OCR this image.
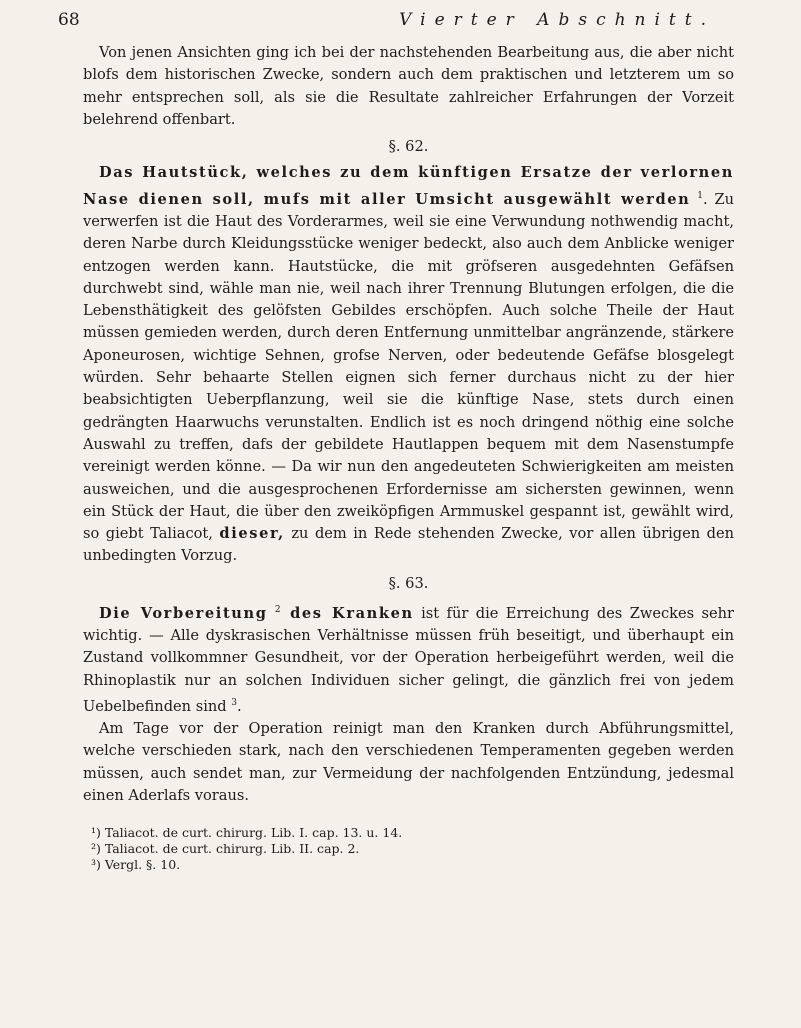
68	Vierter Abschnitt.

Von jenen Ansichten ging ich bei der nachstehenden Bearbeitung aus, die aber nicht blofs dem historischen Zwecke, sondern auch dem praktischen und letzterem um so mehr entsprechen soll, als sie die Resultate zahlreicher Erfahrungen der Vorzeit belehrend offenbart.

§. 62.

Das Hautstück, welches zu dem künftigen Ersatze der verlornen Nase dienen soll, mufs mit aller Umsicht ausgewählt werden $^1$. Zu verwerfen ist die Haut des Vorderarmes, weil sie eine Verwundung nothwendig macht, deren Narbe durch Kleidungsstücke weniger bedeckt, also auch dem Anblicke weniger entzogen werden kann. Hautstücke, die mit gröfseren ausgedehnten Gefäfsen durchwebt sind, wähle man nie, weil nach ihrer Trennung Blutungen erfolgen, die die Lebensthätigkeit des gelöfsten Gebildes erschöpfen. Auch solche Theile der Haut müssen gemieden werden, durch deren Entfernung unmittelbar angränzende, stärkere Aponeurosen, wichtige Sehnen, grofse Nerven, oder bedeutende Gefäfse blosgelegt würden. Sehr behaarte Stellen eignen sich ferner durchaus nicht zu der hier beabsichtigten Ueberpflanzung, weil sie die künftige Nase, stets durch einen gedrängten Haarwuchs verunstalten. Endlich ist es noch dringend nöthig eine solche Auswahl zu treffen, dafs der gebildete Hautlappen bequem mit dem Nasenstumpfe vereinigt werden könne. — Da wir nun den angedeuteten Schwierigkeiten am meisten ausweichen, und die ausgesprochenen Erfordernisse am sichersten gewinnen, wenn ein Stück der Haut, die über den zweiköpfigen Armmuskel gespannt ist, gewählt wird, so giebt Taliacot, dieser, zu dem in Rede stehenden Zwecke, vor allen übrigen den unbedingten Vorzug.

§. 63.

Die Vorbereitung $^2$ des Kranken ist für die Erreichung des Zweckes sehr wichtig. — Alle dyskrasischen Verhältnisse müssen früh beseitigt, und überhaupt ein Zustand vollkommner Gesundheit, vor der Operation herbeigeführt werden, weil die Rhinoplastik nur an solchen Individuen sicher gelingt, die gänzlich frei von jedem Uebelbefinden sind $^3$.

Am Tage vor der Operation reinigt man den Kranken durch Abführungsmittel, welche verschieden stark, nach den verschiedenen Temperamenten gegeben werden müssen, auch sendet man, zur Vermeidung der nachfolgenden Entzündung, jedesmal einen Aderlafs voraus.

¹) Taliacot. de curt. chirurg. Lib. I. cap. 13. u. 14.
²) Taliacot. de curt. chirurg. Lib. II. cap. 2.
³) Vergl. §. 10.
